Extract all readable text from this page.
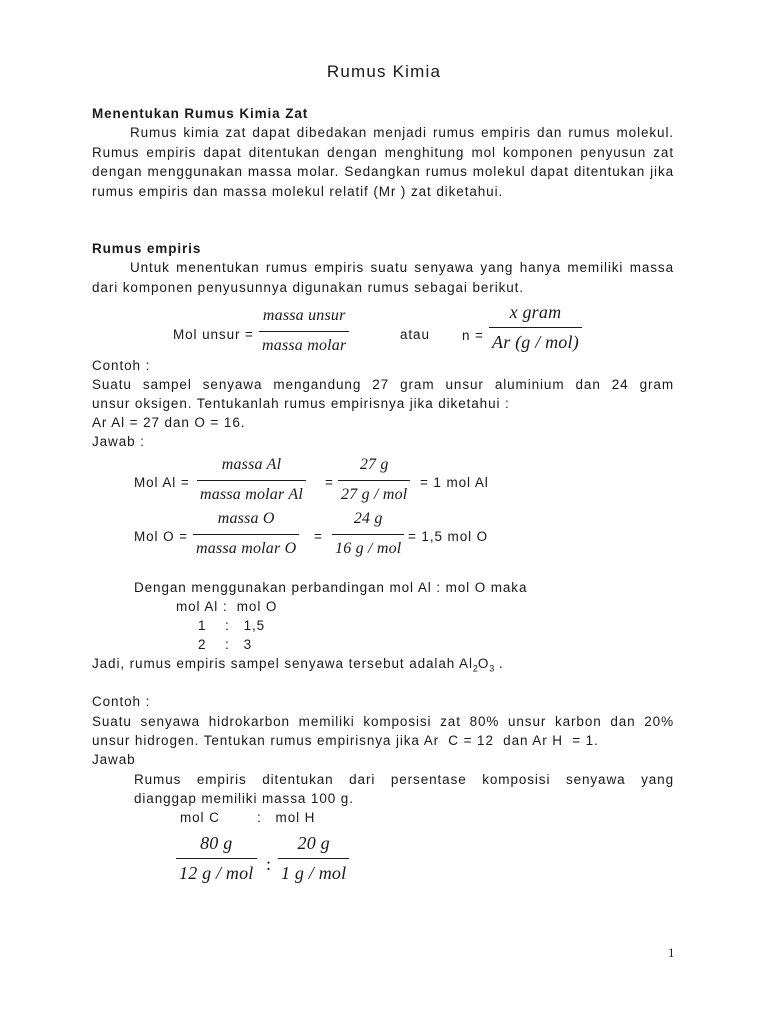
Rumus Kimia
Menentukan Rumus Kimia Zat
Rumus kimia zat dapat dibedakan menjadi rumus empiris dan rumus molekul. Rumus empiris dapat ditentukan dengan menghitung mol komponen penyusun zat dengan menggunakan massa molar. Sedangkan rumus molekul dapat ditentukan jika rumus empiris dan massa molekul relatif (Mr ) zat diketahui.
Rumus empiris
Untuk menentukan rumus empiris suatu senyawa yang hanya memiliki massa dari komponen penyusunnya digunakan rumus sebagai berikut.
Mol unsur =
massa unsur
massa molar
atau n =
x gram
Ar (g / mol)
Contoh :
Suatu sampel senyawa mengandung 27 gram unsur aluminium dan 24 gram
unsur oksigen. Tentukanlah rumus empirisnya jika diketahui :
Ar Al = 27 dan O = 16.
Jawab :
Mol Al =
massa Al
massa molar Al
=
27 g
27 g / mol
= 1 mol Al
Mol O =
massa O
massa molar O
=
24 g
16 g / mol
= 1,5 mol O
Dengan menggunakan perbandingan mol Al : mol O maka
mol Al :  mol O
1    :   1,5
2    :   3
Jadi, rumus empiris sampel senyawa tersebut adalah $Al_2O_3$ .
Contoh :
Suatu senyawa hidrokarbon memiliki komposisi zat 80% unsur karbon dan 20%
unsur hidrogen. Tentukan rumus empirisnya jika Ar  C = 12  dan Ar H  = 1.
Jawab
Rumus empiris ditentukan dari persentase komposisi senyawa yang
dianggap memiliki massa 100 g.
mol C        :   mol H
80 g
12 g / mol :
20 g
1 g / mol
1
